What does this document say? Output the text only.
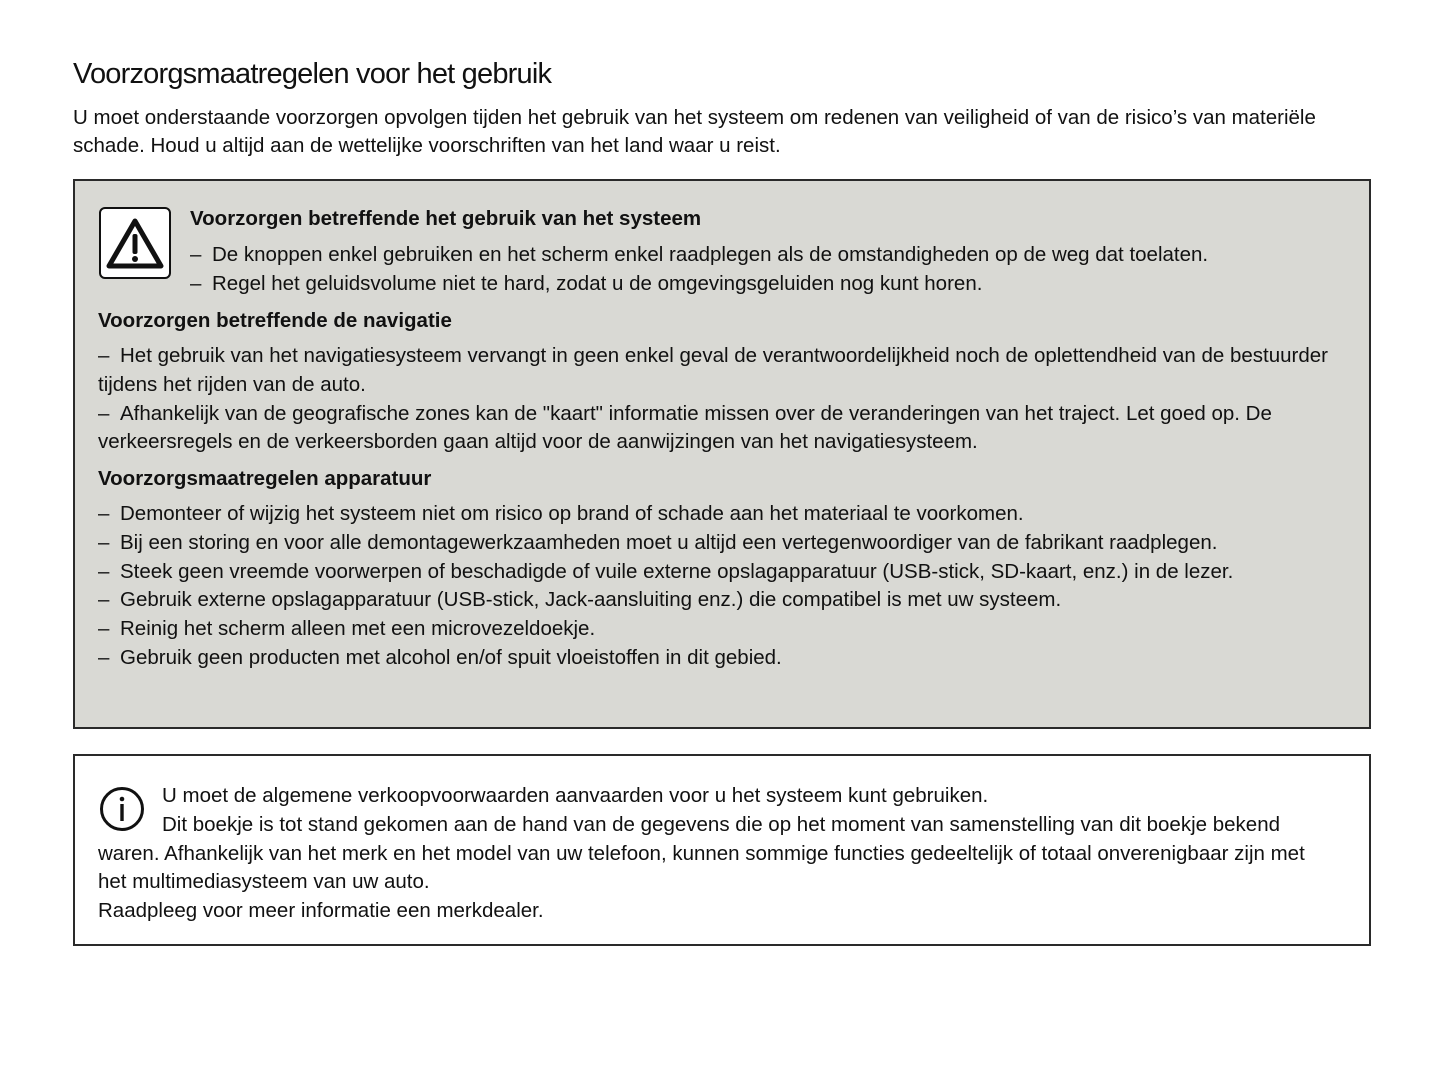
Voorzorgsmaatregelen voor het gebruik

U moet onderstaande voorzorgen opvolgen tijden het gebruik van het systeem om redenen van veiligheid of van de risico’s van materiële schade. Houd u altijd aan de wettelijke voorschriften van het land waar u reist.

Voorzorgen betreffende het gebruik van het systeem
– De knoppen enkel gebruiken en het scherm enkel raadplegen als de omstandigheden op de weg dat toelaten.
– Regel het geluidsvolume niet te hard, zodat u de omgevingsgeluiden nog kunt horen.
Voorzorgen betreffende de navigatie
– Het gebruik van het navigatiesysteem vervangt in geen enkel geval de verantwoordelijkheid noch de oplettendheid van de bestuurder tijdens het rijden van de auto.
– Afhankelijk van de geografische zones kan de "kaart" informatie missen over de veranderingen van het traject. Let goed op. De verkeersregels en de verkeersborden gaan altijd voor de aanwijzingen van het navigatiesysteem.
Voorzorgsmaatregelen apparatuur
– Demonteer of wijzig het systeem niet om risico op brand of schade aan het materiaal te voorkomen.
– Bij een storing en voor alle demontagewerkzaamheden moet u altijd een vertegenwoordiger van de fabrikant raadplegen.
– Steek geen vreemde voorwerpen of beschadigde of vuile externe opslagapparatuur (USB-stick, SD-kaart, enz.) in de lezer.
– Gebruik externe opslagapparatuur (USB-stick, Jack-aansluiting enz.) die compatibel is met uw systeem.
– Reinig het scherm alleen met een microvezeldoekje.
– Gebruik geen producten met alcohol en/of spuit vloeistoffen in dit gebied.
U moet de algemene verkoopvoorwaarden aanvaarden voor u het systeem kunt gebruiken.
Dit boekje is tot stand gekomen aan de hand van de gegevens die op het moment van samenstelling van dit boekje bekend waren. Afhankelijk van het merk en het model van uw telefoon, kunnen sommige functies gedeeltelijk of totaal onverenigbaar zijn met het multimediasysteem van uw auto.
Raadpleeg voor meer informatie een merkdealer.
